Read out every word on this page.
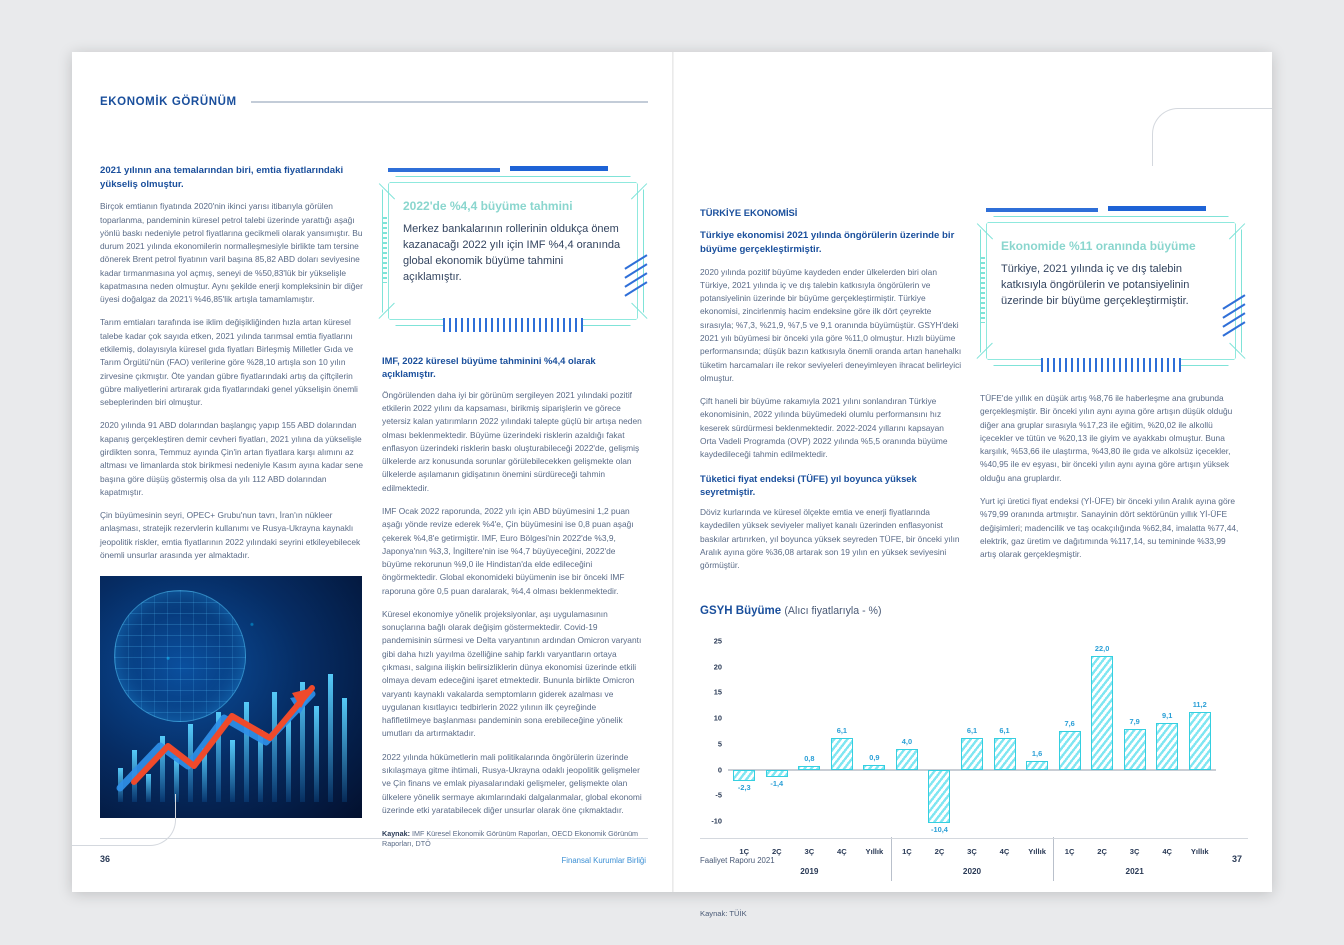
EKONOMİK GÖRÜNÜM
2021 yılının ana temalarından biri, emtia fiyatlarındaki yükseliş olmuştur.

Birçok emtianın fiyatında 2020'nin ikinci yarısı itibarıyla görülen toparlanma, pandeminin küresel petrol talebi üzerinde yarattığı aşağı yönlü baskı nedeniyle petrol fiyatlarına gecikmeli olarak yansımıştır. Bu durum 2021 yılında ekonomilerin normalleşmesiyle birlikte tam tersine dönerek Brent petrol fiyatının varil başına 85,82 ABD doları seviyesine kadar tırmanmasına yol açmış, seneyi de %50,83'lük bir yükselişle kapatmasına neden olmuştur. Aynı şekilde enerji kompleksinin bir diğer üyesi doğalgaz da 2021'i %46,85'lik artışla tamamlamıştır.

Tarım emtiaları tarafında ise iklim değişikliğinden hızla artan küresel talebe kadar çok sayıda etken, 2021 yılında tarımsal emtia fiyatlarını etkilemiş, dolayısıyla küresel gıda fiyatları Birleşmiş Milletler Gıda ve Tarım Örgütü'nün (FAO) verilerine göre %28,10 artışla son 10 yılın zirvesine çıkmıştır. Öte yandan gübre fiyatlarındaki artış da çiftçilerin gübre maliyetlerini artırarak gıda fiyatlarındaki genel yükselişin önemli sebeplerinden biri olmuştur.

2020 yılında 91 ABD dolarından başlangıç yapıp 155 ABD dolarından kapanış gerçekleştiren demir cevheri fiyatları, 2021 yılına da yükselişle girdikten sonra, Temmuz ayında Çin'in artan fiyatlara karşı alımını az altması ve limanlarda stok birikmesi nedeniyle Kasım ayına kadar sene başına göre düşüş göstermiş olsa da yılı 112 ABD dolarından kapatmıştır.

Çin büyümesinin seyri, OPEC+ Grubu'nun tavrı, İran'ın nükleer anlaşması, stratejik rezervlerin kullanımı ve Rusya-Ukrayna kaynaklı jeopolitik riskler, emtia fiyatlarının 2022 yılındaki seyrini etkileyebilecek önemli unsurlar arasında yer almaktadır.

2022'de %4,4 büyüme tahmini

Merkez bankalarının rollerinin oldukça önem kazanacağı 2022 yılı için IMF %4,4 oranında global ekonomik büyüme tahmini açıklamıştır.

IMF, 2022 küresel büyüme tahminini %4,4 olarak açıklamıştır.

Öngörülenden daha iyi bir görünüm sergileyen 2021 yılındaki pozitif etkilerin 2022 yılını da kapsaması, birikmiş siparişlerin ve görece yetersiz kalan yatırımların 2022 yılındaki talepte güçlü bir artışa neden olması beklenmektedir. Büyüme üzerindeki risklerin azaldığı fakat enflasyon üzerindeki risklerin baskı oluşturabileceği 2022'de, gelişmiş ülkelerde arz konusunda sorunlar görülebilecekken gelişmekte olan ülkelerde aşılamanın gidişatının önemini sürdüreceği tahmin edilmektedir.

IMF Ocak 2022 raporunda, 2022 yılı için ABD büyümesini 1,2 puan aşağı yönde revize ederek %4'e, Çin büyümesini ise 0,8 puan aşağı çekerek %4,8'e getirmiştir. IMF, Euro Bölgesi'nin 2022'de %3,9, Japonya'nın %3,3, İngiltere'nin ise %4,7 büyüyeceğini, 2022'de büyüme rekorunun %9,0 ile Hindistan'da elde edileceğini öngörmektedir. Global ekonomideki büyümenin ise bir önceki IMF raporuna göre 0,5 puan daralarak, %4,4 olması beklenmektedir.

Küresel ekonomiye yönelik projeksiyonlar, aşı uygulamasının sonuçlarına bağlı olarak değişim göstermektedir. Covid-19 pandemisinin sürmesi ve Delta varyantının ardından Omicron varyantı gibi daha hızlı yayılma özelliğine sahip farklı varyantların ortaya çıkması, salgına ilişkin belirsizliklerin dünya ekonomisi üzerinde etkili olmaya devam edeceğini işaret etmektedir. Bununla birlikte Omicron varyantı kaynaklı vakalarda semptomların giderek azalması ve uygulanan kısıtlayıcı tedbirlerin 2022 yılının ilk çeyreğinde hafifletilmeye başlanması pandeminin sona erebileceğine yönelik umutları da artırmaktadır.

2022 yılında hükümetlerin mali politikalarında öngörülerin üzerinde sıkılaşmaya gitme ihtimali, Rusya-Ukrayna odaklı jeopolitik gelişmeler ve Çin finans ve emlak piyasalarındaki gelişmeler, gelişmekte olan ülkelere yönelik sermaye akımlarındaki dalgalanmalar, global ekonomi üzerinde etki yaratabilecek diğer unsurlar olarak öne çıkmaktadır.

Kaynak: IMF Küresel Ekonomik Görünüm Raporları, OECD Ekonomik Görünüm Raporları, DTÖ

36	Finansal Kurumlar Birliği
TÜRKİYE EKONOMİSİ
Türkiye ekonomisi 2021 yılında öngörülerin üzerinde bir büyüme gerçekleştirmiştir.

2020 yılında pozitif büyüme kaydeden ender ülkelerden biri olan Türkiye, 2021 yılında iç ve dış talebin katkısıyla öngörülerin ve potansiyelinin üzerinde bir büyüme gerçekleştirmiştir. Türkiye ekonomisi, zincirlenmiş hacim endeksine göre ilk dört çeyrekte sırasıyla; %7,3, %21,9, %7,5 ve 9,1 oranında büyümüştür. GSYH'deki 2021 yılı büyümesi bir önceki yıla göre %11,0 olmuştur. Hızlı büyüme performansında; düşük bazın katkısıyla önemli oranda artan hanehalkı tüketim harcamaları ile rekor seviyeleri deneyimleyen ihracat belirleyici olmuştur.

Çift haneli bir büyüme rakamıyla 2021 yılını sonlandıran Türkiye ekonomisinin, 2022 yılında büyümedeki olumlu performansını hız keserek sürdürmesi beklenmektedir. 2022-2024 yıllarını kapsayan Orta Vadeli Programda (OVP) 2022 yılında %5,5 oranında büyüme kaydedileceği tahmin edilmektedir.

Tüketici fiyat endeksi (TÜFE) yıl boyunca yüksek seyretmiştir.

Döviz kurlarında ve küresel ölçekte emtia ve enerji fiyatlarında kaydedilen yüksek seviyeler maliyet kanalı üzerinden enflasyonist baskılar artırırken, yıl boyunca yüksek seyreden TÜFE, bir önceki yılın Aralık ayına göre %36,08 artarak son 19 yılın en yüksek seviyesini görmüştür.

Ekonomide %11 oranında büyüme

Türkiye, 2021 yılında iç ve dış talebin katkısıyla öngörülerin ve potansiyelinin üzerinde bir büyüme gerçekleştirmiştir.

TÜFE'de yıllık en düşük artış %8,76 ile haberleşme ana grubunda gerçekleşmiştir. Bir önceki yılın aynı ayına göre artışın düşük olduğu diğer ana gruplar sırasıyla %17,23 ile eğitim, %20,02 ile alkollü içecekler ve tütün ve %20,13 ile giyim ve ayakkabı olmuştur. Buna karşılık, %53,66 ile ulaştırma, %43,80 ile gıda ve alkolsüz içecekler, %40,95 ile ev eşyası, bir önceki yılın aynı ayına göre artışın yüksek olduğu ana gruplardır.

Yurt içi üretici fiyat endeksi (Yİ-ÜFE) bir önceki yılın Aralık ayına göre %79,99 oranında artmıştır. Sanayinin dört sektörünün yıllık Yİ-ÜFE değişimleri; madencilik ve taş ocakçılığında %62,84, imalatta %77,44, elektrik, gaz üretim ve dağıtımında %117,14, su temininde %33,99 artış olarak gerçekleşmiştir.

GSYH Büyüme (Alıcı fiyatlarıyla - %)
25
20
15
10
5
0
-5
-10
-2,3
-1,4
0,8
6,1
0,9
4,0
-10,4
6,1	6,1
1,6
7,6
22,0
7,9
9,1
11,2
1Ç	2Ç	3Ç	4Ç Yıllık 1Ç	2Ç	3Ç	4Ç Yıllık 1Ç	2Ç	3Ç	4Ç Yıllık
2019	2020	2021
Kaynak: TÜİK
37
Faaliyet Raporu 2021
